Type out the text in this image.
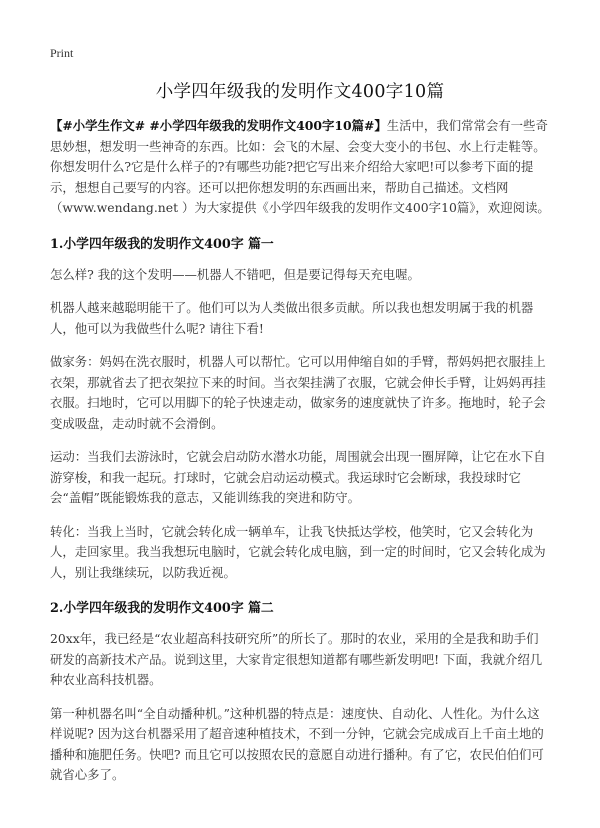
Print
小学四年级我的发明作文400字10篇

【#小学生作文# #小学四年级我的发明作文400字10篇#】生活中，我们常常会有一些奇思妙想，想发明一些神奇的东西。比如：会飞的木屋、会变大变小的书包、水上行走鞋等。你想发明什么?它是什么样子的?有哪些功能?把它写出来介绍给大家吧!可以参考下面的提示，想想自己要写的内容。还可以把你想发明的东西画出来，帮助自己描述。文档网（www.wendang.net ）为大家提供《小学四年级我的发明作文400字10篇》，欢迎阅读。

1.小学四年级我的发明作文400字 篇一

怎么样? 我的这个发明——机器人不错吧，但是要记得每天充电喔。

机器人越来越聪明能干了。他们可以为人类做出很多贡献。所以我也想发明属于我的机器人，他可以为我做些什么呢? 请往下看!

做家务：妈妈在洗衣服时，机器人可以帮忙。它可以用伸缩自如的手臂，帮妈妈把衣服挂上衣架，那就省去了把衣架拉下来的时间。当衣架挂满了衣服，它就会伸长手臂，让妈妈再挂衣服。扫地时，它可以用脚下的轮子快速走动，做家务的速度就快了许多。拖地时，轮子会变成吸盘，走动时就不会滑倒。

运动：当我们去游泳时，它就会启动防水潜水功能，周围就会出现一圈屏障，让它在水下自游穿梭，和我一起玩。打球时，它就会启动运动模式。我运球时它会断球，我投球时它会“盖帽”既能锻炼我的意志，又能训练我的突进和防守。

转化：当我上当时，它就会转化成一辆单车，让我飞快抵达学校，他笑时，它又会转化为人，走回家里。我当我想玩电脑时，它就会转化成电脑，到一定的时间时，它又会转化成为人，别让我继续玩，以防我近视。

2.小学四年级我的发明作文400字 篇二

20xx年，我已经是“农业超高科技研究所”的所长了。那时的农业，采用的全是我和助手们研发的高新技术产品。说到这里，大家肯定很想知道都有哪些新发明吧! 下面，我就介绍几种农业高科技机器。

第一种机器名叫“全自动播种机。”这种机器的特点是：速度快、自动化、人性化。为什么这样说呢? 因为这台机器采用了超音速种植技术，不到一分钟，它就会完成成百上千亩土地的播种和施肥任务。快吧? 而且它可以按照农民的意愿自动进行播种。有了它，农民伯伯们可就省心多了。
